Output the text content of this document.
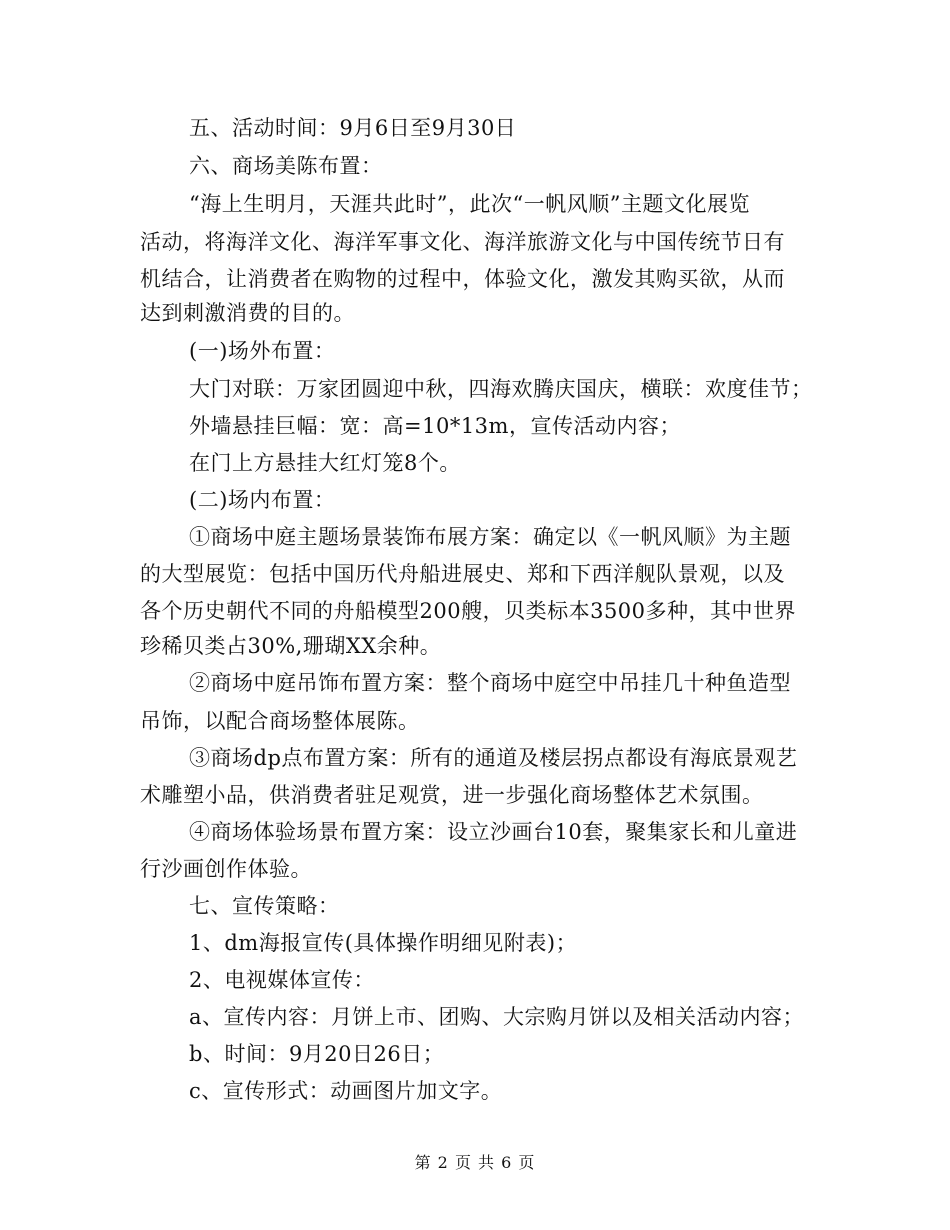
五、活动时间：9月6日至9月30日
六、商场美陈布置：
“海上生明月，天涯共此时”，此次“一帆风顺”主题文化展览
活动，将海洋文化、海洋军事文化、海洋旅游文化与中国传统节日有
机结合，让消费者在购物的过程中，体验文化，激发其购买欲，从而
达到刺激消费的目的。
(一)场外布置：
大门对联：万家团圆迎中秋，四海欢腾庆国庆，横联：欢度佳节；
外墙悬挂巨幅：宽：高=10*13m，宣传活动内容；
在门上方悬挂大红灯笼8个。
(二)场内布置：
①商场中庭主题场景装饰布展方案：确定以《一帆风顺》为主题
的大型展览：包括中国历代舟船进展史、郑和下西洋舰队景观，以及
各个历史朝代不同的舟船模型200艘，贝类标本3500多种，其中世界
珍稀贝类占30%,珊瑚XX余种。
②商场中庭吊饰布置方案：整个商场中庭空中吊挂几十种鱼造型
吊饰，以配合商场整体展陈。
③商场dp点布置方案：所有的通道及楼层拐点都设有海底景观艺
术雕塑小品，供消费者驻足观赏，进一步强化商场整体艺术氛围。
④商场体验场景布置方案：设立沙画台10套，聚集家长和儿童进
行沙画创作体验。
七、宣传策略：
1、dm海报宣传(具体操作明细见附表)；
2、电视媒体宣传：
a、宣传内容：月饼上市、团购、大宗购月饼以及相关活动内容；
b、时间：9月20日26日；
c、宣传形式：动画图片加文字。
第 2 页 共 6 页
